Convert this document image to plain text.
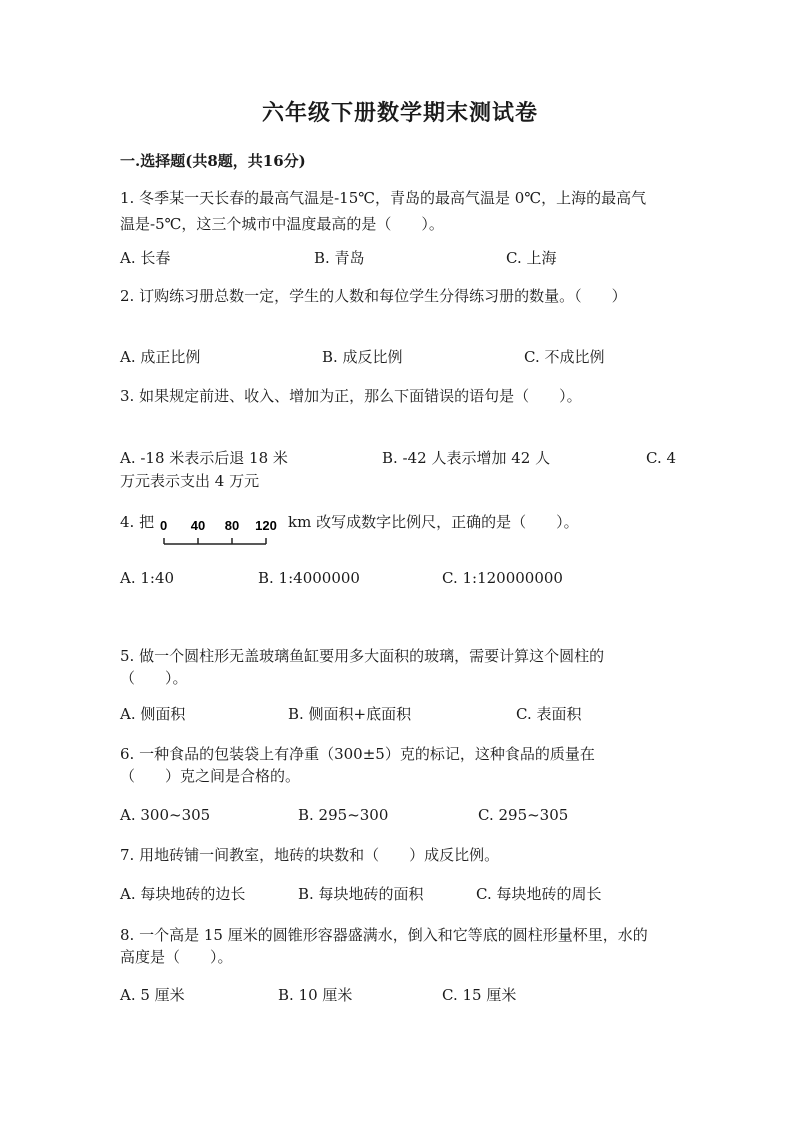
六年级下册数学期末测试卷
一.选择题(共8题，共16分)
1. 冬季某一天长春的最高气温是-15℃，青岛的最高气温是 0℃，上海的最高气
温是-5℃，这三个城市中温度最高的是（　　）。
A. 长春	B. 青岛	C. 上海
2. 订购练习册总数一定，学生的人数和每位学生分得练习册的数量。（　　）
A. 成正比例	B. 成反比例	C. 不成比例
3. 如果规定前进、收入、增加为正，那么下面错误的语句是（　　）。
A. -18 米表示后退 18 米	B. -42 人表示增加 42 人	C. 4
万元表示支出 4 万元
4. 把 0 40 80 120 km 改写成数字比例尺，正确的是（　　）。
A. 1:40	B. 1:4000000	C. 1:120000000
5. 做一个圆柱形无盖玻璃鱼缸要用多大面积的玻璃，需要计算这个圆柱的
（　　）。
A. 侧面积	B. 侧面积+底面积	C. 表面积
6. 一种食品的包装袋上有净重（300±5）克的标记，这种食品的质量在
（　　）克之间是合格的。
A. 300~305	B. 295~300	C. 295~305
7. 用地砖铺一间教室，地砖的块数和（　　）成反比例。
A. 每块地砖的边长	B. 每块地砖的面积	C. 每块地砖的周长
8. 一个高是 15 厘米的圆锥形容器盛满水，倒入和它等底的圆柱形量杯里，水的
高度是（　　）。
A. 5 厘米	B. 10 厘米	C. 15 厘米
